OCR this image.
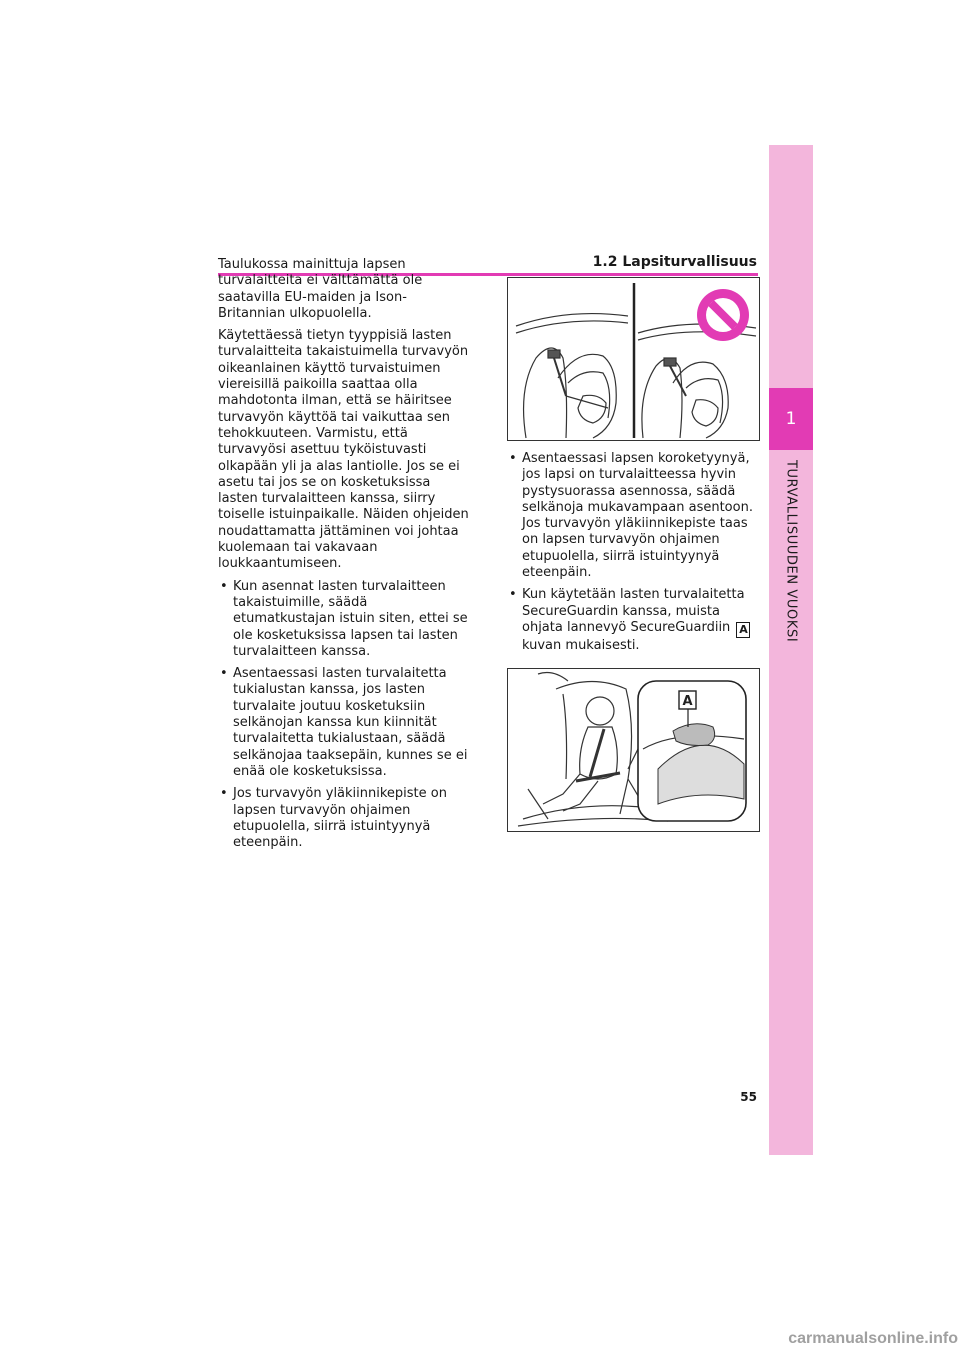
1
TURVALLISUUDEN VUOKSI
1.2 Lapsiturvallisuus

Taulukossa mainittuja lapsen turvalaitteita ei välttämättä ole saatavilla EU-maiden ja Ison-Britannian ulkopuolella.

Käytettäessä tietyn tyyppisiä lasten turvalaitteita takaistuimella turvavyön oikeanlainen käyttö turvaistuimen viereisillä paikoilla saattaa olla mahdotonta ilman, että se häiritsee turvavyön käyttöä tai vaikuttaa sen tehokkuuteen. Varmistu, että turvavyösi asettuu tyköistuvasti olkapään yli ja alas lantiolle. Jos se ei asetu tai jos se on kosketuksissa lasten turvalaitteen kanssa, siirry toiselle istuinpaikalle. Näiden ohjeiden noudattamatta jättäminen voi johtaa kuolemaan tai vakavaan loukkaantumiseen.

• Kun asennat lasten turvalaitteen takaistuimille, säädä etumatkustajan istuin siten, ettei se ole kosketuksissa lapsen tai lasten turvalaitteen kanssa.
• Asentaessasi lasten turvalaitetta tukialustan kanssa, jos lasten turvalaite joutuu kosketuksiin selkänojan kanssa kun kiinnität turvalaitetta tukialustaan, säädä selkänojaa taaksepäin, kunnes se ei enää ole kosketuksissa.
• Jos turvavyön yläkiinnikepiste on lapsen turvavyön ohjaimen etupuolella, siirrä istuintyynyä eteenpäin.
• Asentaessasi lapsen koroketyynyä, jos lapsi on turvalaitteessa hyvin pystysuorassa asennossa, säädä selkänoja mukavampaan asentoon. Jos turvavyön yläkiinnikepiste taas on lapsen turvavyön ohjaimen etupuolella, siirrä istuintyynyä eteenpäin.
• Kun käytetään lasten turvalaitetta SecureGuardin kanssa, muista ohjata lannevyö SecureGuardiin A kuvan mukaisesti.
A
55
carmanualsonline.info
